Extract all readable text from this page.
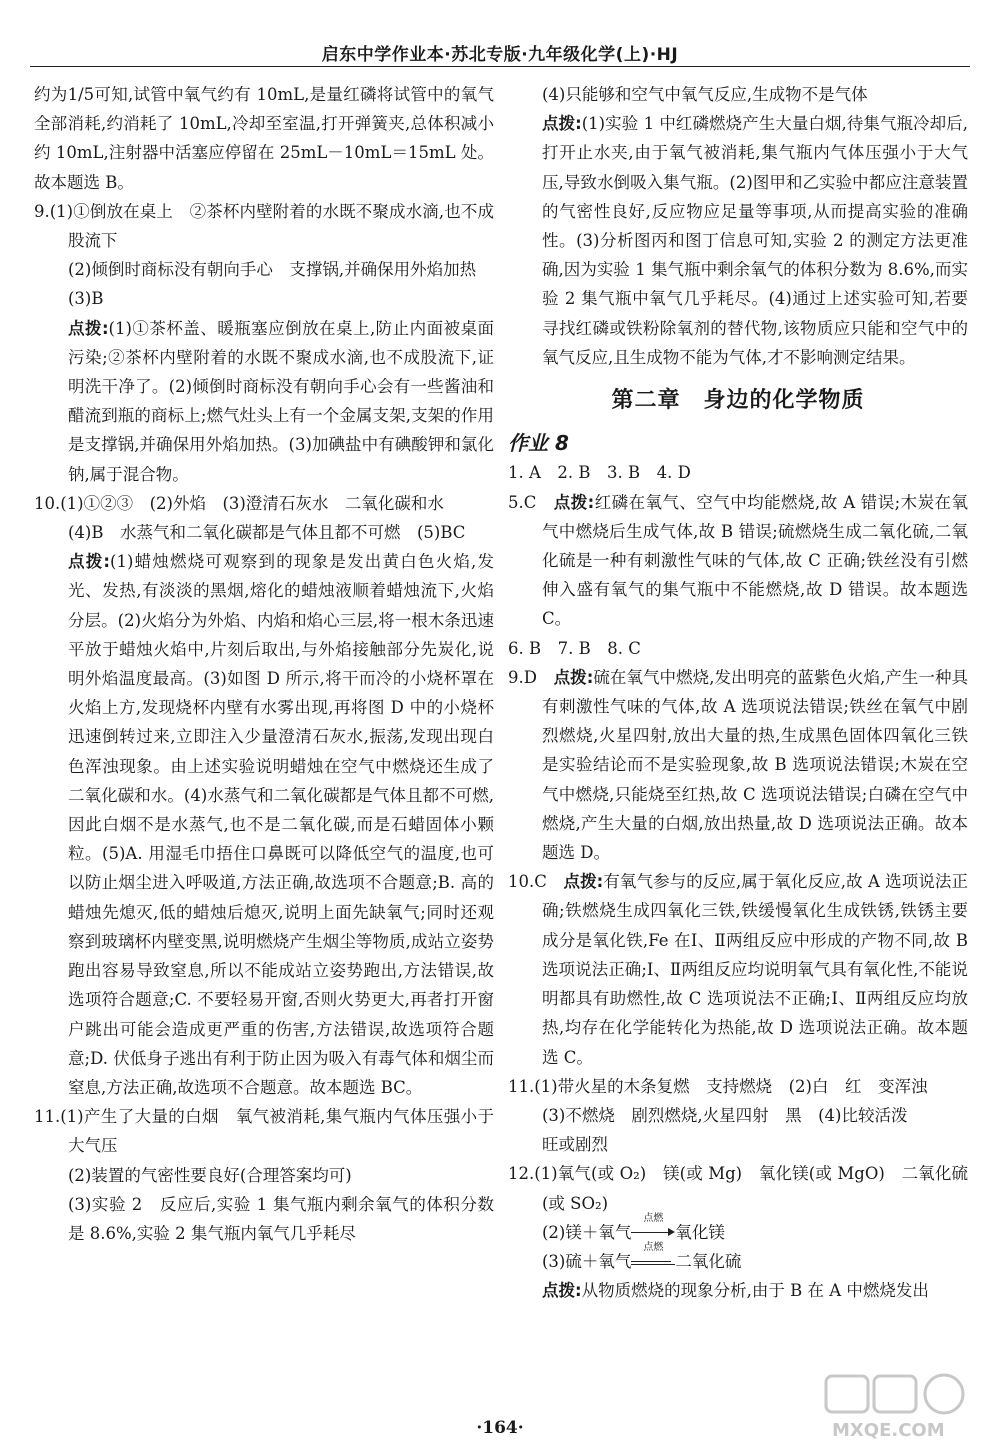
启东中学作业本·苏北专版·九年级化学(上)·HJ

约为1/5可知,试管中氧气约有 10mL,是量红磷将试管中的氧气全部消耗,约消耗了 10mL,冷却至室温,打开弹簧夹,总体积减小约 10mL,注射器中活塞应停留在 25mL－10mL＝15mL 处。故本题选 B。

9.(1)①倒放在桌上　②茶杯内壁附着的水既不聚成水滴,也不成股流下

(2)倾倒时商标没有朝向手心　支撑锅,并确保用外焰加热

(3)B

点拨:(1)①茶杯盖、暖瓶塞应倒放在桌上,防止内面被桌面污染;②茶杯内壁附着的水既不聚成水滴,也不成股流下,证明洗干净了。(2)倾倒时商标没有朝向手心会有一些酱油和醋流到瓶的商标上;燃气灶头上有一个金属支架,支架的作用是支撑锅,并确保用外焰加热。(3)加碘盐中有碘酸钾和氯化钠,属于混合物。

10.(1)①②③　(2)外焰　(3)澄清石灰水　二氧化碳和水

(4)B　水蒸气和二氧化碳都是气体且都不可燃　(5)BC

点拨:(1)蜡烛燃烧可观察到的现象是发出黄白色火焰,发光、发热,有淡淡的黑烟,熔化的蜡烛液顺着蜡烛流下,火焰分层。(2)火焰分为外焰、内焰和焰心三层,将一根木条迅速平放于蜡烛火焰中,片刻后取出,与外焰接触部分先炭化,说明外焰温度最高。(3)如图 D 所示,将干而冷的小烧杯罩在火焰上方,发现烧杯内壁有水雾出现,再将图 D 中的小烧杯迅速倒转过来,立即注入少量澄清石灰水,振荡,发现出现白色浑浊现象。由上述实验说明蜡烛在空气中燃烧还生成了二氧化碳和水。(4)水蒸气和二氧化碳都是气体且都不可燃,因此白烟不是水蒸气,也不是二氧化碳,而是石蜡固体小颗粒。(5)A. 用湿毛巾捂住口鼻既可以降低空气的温度,也可以防止烟尘进入呼吸道,方法正确,故选项不合题意;B. 高的蜡烛先熄灭,低的蜡烛后熄灭,说明上面先缺氧气;同时还观察到玻璃杯内壁变黑,说明燃烧产生烟尘等物质,成站立姿势跑出容易导致窒息,所以不能成站立姿势跑出,方法错误,故选项符合题意;C. 不要轻易开窗,否则火势更大,再者打开窗户跳出可能会造成更严重的伤害,方法错误,故选项符合题意;D. 伏低身子逃出有利于防止因为吸入有毒气体和烟尘而窒息,方法正确,故选项不合题意。故本题选 BC。

11.(1)产生了大量的白烟　氧气被消耗,集气瓶内气体压强小于大气压

(2)装置的气密性要良好(合理答案均可)

(3)实验 2　反应后,实验 1 集气瓶内剩余氧气的体积分数是 8.6%,实验 2 集气瓶内氧气几乎耗尽

(4)只能够和空气中氧气反应,生成物不是气体

点拨:(1)实验 1 中红磷燃烧产生大量白烟,待集气瓶冷却后,打开止水夹,由于氧气被消耗,集气瓶内气体压强小于大气压,导致水倒吸入集气瓶。(2)图甲和乙实验中都应注意装置的气密性良好,反应物应足量等事项,从而提高实验的准确性。(3)分析图丙和图丁信息可知,实验 2 的测定方法更准确,因为实验 1 集气瓶中剩余氧气的体积分数为 8.6%,而实验 2 集气瓶中氧气几乎耗尽。(4)通过上述实验可知,若要寻找红磷或铁粉除氧剂的替代物,该物质应只能和空气中的氧气反应,且生成物不能为气体,才不影响测定结果。

第二章　身边的化学物质
作业 8

1. A　2. B　3. B　4. D

5.C　 点拨:红磷在氧气、空气中均能燃烧,故 A 错误;木炭在氧气中燃烧后生成气体,故 B 错误;硫燃烧生成二氧化硫,二氧化硫是一种有刺激性气味的气体,故 C 正确;铁丝没有引燃伸入盛有氧气的集气瓶中不能燃烧,故 D 错误。故本题选 C。

6. B　7. B　8. C

9.D　 点拨:硫在氧气中燃烧,发出明亮的蓝紫色火焰,产生一种具有刺激性气味的气体,故 A 选项说法错误;铁丝在氧气中剧烈燃烧,火星四射,放出大量的热,生成黑色固体四氧化三铁是实验结论而不是实验现象,故 B 选项说法错误;木炭在空气中燃烧,只能烧至红热,故 C 选项说法错误;白磷在空气中燃烧,产生大量的白烟,放出热量,故 D 选项说法正确。故本题选 D。

10.C　 点拨:有氧气参与的反应,属于氧化反应,故 A 选项说法正确;铁燃烧生成四氧化三铁,铁缓慢氧化生成铁锈,铁锈主要成分是氧化铁,Fe 在Ⅰ、Ⅱ两组反应中形成的产物不同,故 B 选项说法正确;Ⅰ、Ⅱ两组反应均说明氧气具有氧化性,不能说明都具有助燃性,故 C 选项说法不正确;Ⅰ、Ⅱ两组反应均放热,均存在化学能转化为热能,故 D 选项说法正确。故本题选 C。

11.(1)带火星的木条复燃　支持燃烧　(2)白　红　变浑浊

(3)不燃烧　剧烈燃烧,火星四射　黑　(4)比较活泼

旺或剧烈

12.(1)氧气(或 O₂)　镁(或 Mg)　氧化镁(或 MgO)　二氧化硫(或 SO₂)

(2)镁＋氧气
点燃
氧化镁

(3)硫＋氧气
点燃
二氧化硫

点拨:从物质燃烧的现象分析,由于 B 在 A 中燃烧发出

·164·	MXQE.COM
